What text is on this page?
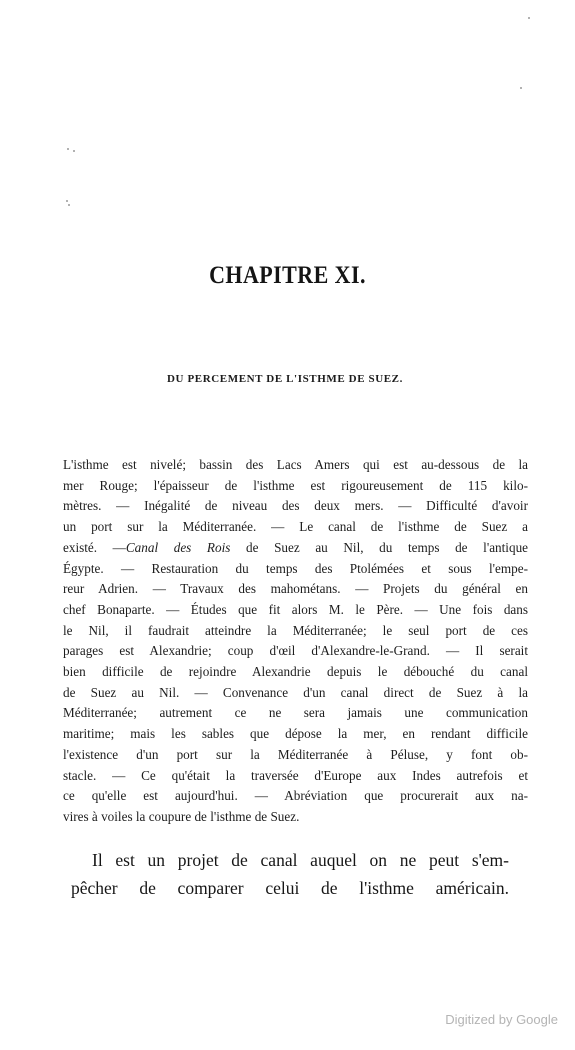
CHAPITRE XI.
DU PERCEMENT DE L'ISTHME DE SUEZ.
L'isthme est nivelé; bassin des Lacs Amers qui est au-dessous de la
mer Rouge; l'épaisseur de l'isthme est rigoureusement de 115 kilo-
mètres. — Inégalité de niveau des deux mers. — Difficulté d'avoir
un port sur la Méditerranée. — Le canal de l'isthme de Suez a
existé. —Canal des Rois de Suez au Nil, du temps de l'antique
Égypte. — Restauration du temps des Ptolémées et sous l'empe-
reur Adrien. — Travaux des mahométans. — Projets du général en
chef Bonaparte. — Études que fit alors M. le Père. — Une fois dans
le Nil, il faudrait atteindre la Méditerranée; le seul port de ces
parages est Alexandrie; coup d'œil d'Alexandre-le-Grand. — Il serait
bien difficile de rejoindre Alexandrie depuis le débouché du canal
de Suez au Nil. — Convenance d'un canal direct de Suez à la
Méditerranée; autrement ce ne sera jamais une communication
maritime; mais les sables que dépose la mer, en rendant difficile
l'existence d'un port sur la Méditerranée à Péluse, y font ob-
stacle. — Ce qu'était la traversée d'Europe aux Indes autrefois et
ce qu'elle est aujourd'hui. — Abréviation que procurerait aux na-
vires à voiles la coupure de l'isthme de Suez.
Il est un projet de canal auquel on ne peut s'em-
pêcher de comparer celui de l'isthme américain.
Digitized by Google
